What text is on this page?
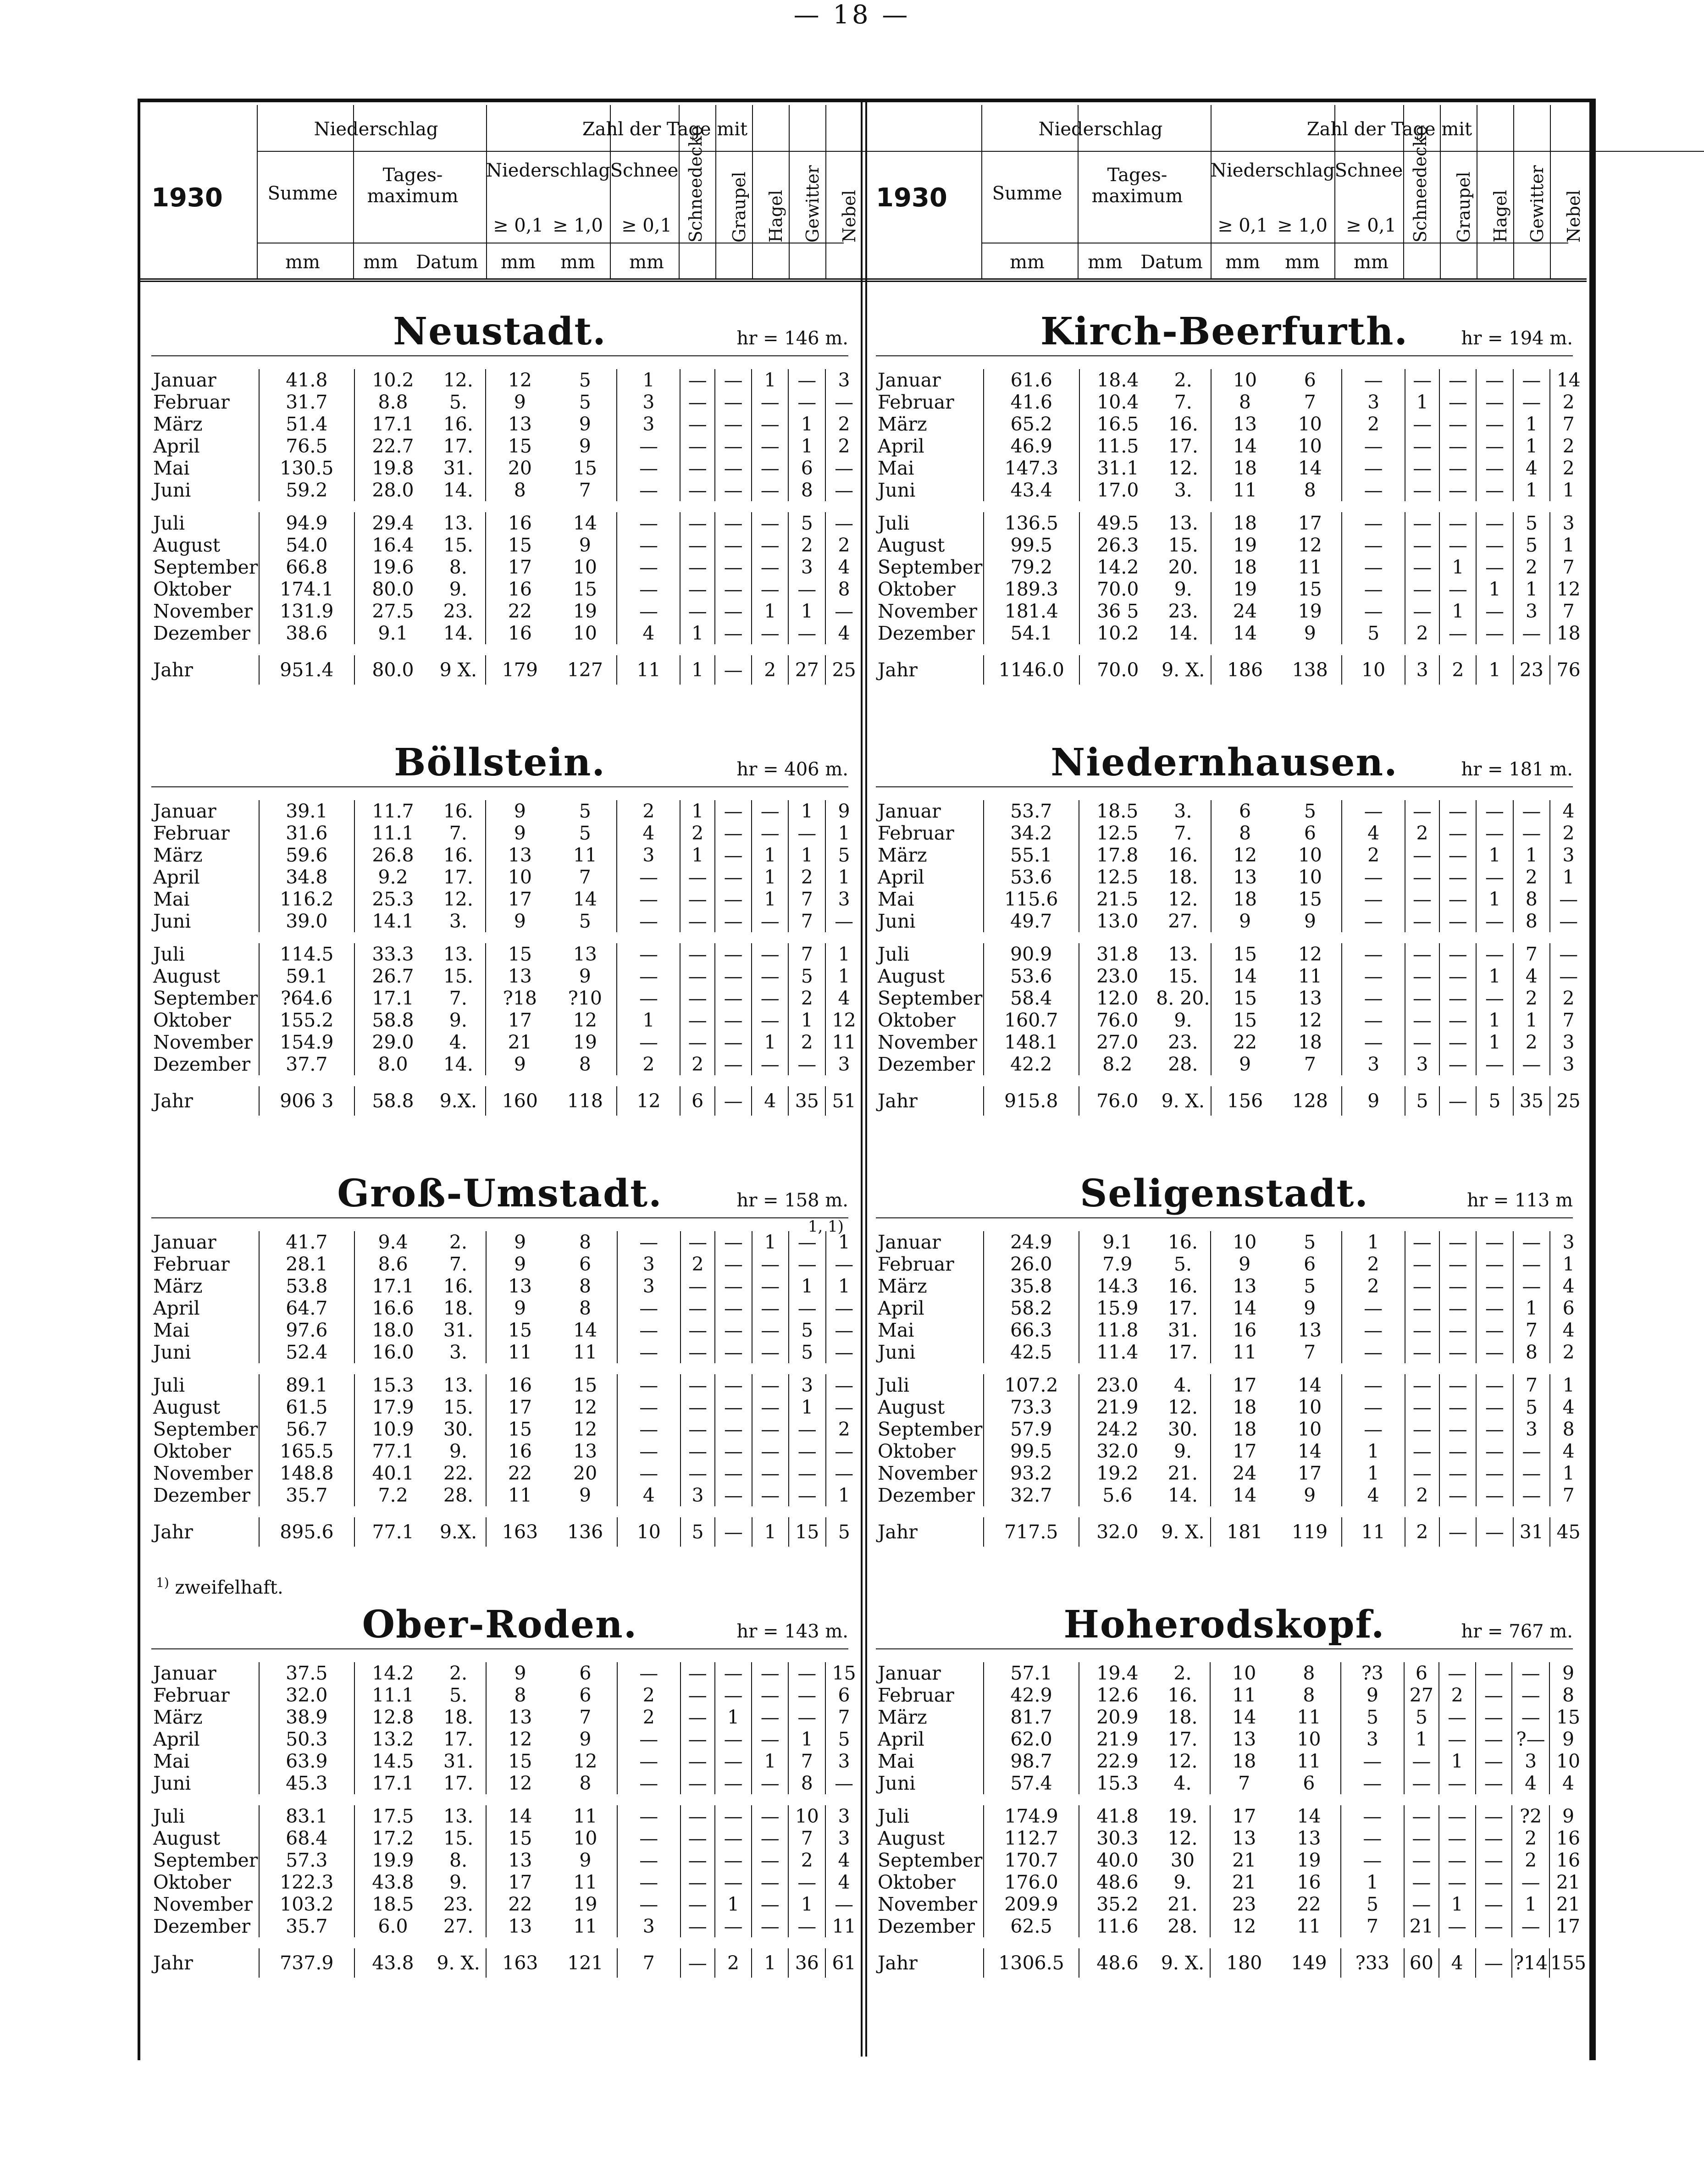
— 18 —
1930
Niederschlag	Zahl der Tage mit
Summe
Tages-maximum
Niederschlag Schnee
≥ 0,1 ≥ 1,0	≥ 0,1
mm	mm Datum	mm	mm	mm
Schneedecke Graupel Hagel Gewitter Nebel
Neustadt.	hr = 146 m.
Januar	41.8	10.2	12.	12	5	1	—	—	1	—	3
Februar	31.7	8.8	5.	9	5	3	—	—	—	—	—
März	51.4	17.1	16.	13	9	3	—	—	—	1	2
April	76.5	22.7	17.	15	9	—	—	—	—	1	2
Mai	130.5	19.8	31.	20	15	—	—	—	—	6	—
Juni	59.2	28.0	14.	8	7	—	—	—	—	8	—

Juli	94.9	29.4	13.	16	14	—	—	—	—	5	—
August	54.0	16.4	15.	15	9	—	—	—	—	2	2
September	66.8	19.6	8.	17	10	—	—	—	—	3	4
Oktober	174.1	80.0	9.	16	15	—	—	—	—	—	8
November	131.9	27.5	23.	22	19	—	—	—	1	1	—
Dezember	38.6	9.1	14.	16	10	4	1	—	—	—	4

Jahr	951.4	80.0	9 X.	179	127	11	1	—	2	27	25
Böllstein.	hr = 406 m.
Januar	39.1	11.7	16.	9	5	2	1	—	—	1	9
Februar	31.6	11.1	7.	9	5	4	2	—	—	—	1
März	59.6	26.8	16.	13	11	3	1	—	1	1	5
April	34.8	9.2	17.	10	7	—	—	—	1	2	1
Mai	116.2	25.3	12.	17	14	—	—	—	1	7	3
Juni	39.0	14.1	3.	9	5	—	—	—	—	7	—

Juli	114.5	33.3	13.	15	13	—	—	—	—	7	1
August	59.1	26.7	15.	13	9	—	—	—	—	5	1
September	?64.6	17.1	7.	?18	?10	—	—	—	—	2	4
Oktober	155.2	58.8	9.	17	12	1	—	—	—	1	12
November	154.9	29.0	4.	21	19	—	—	—	1	2	11
Dezember	37.7	8.0	14.	9	8	2	2	—	—	—	3

Jahr	906 3	58.8	9.X.	160	118	12	6	—	4	35	51
Groß-Umstadt.	hr = 158 m.
Januar	41.7	9.4	2.	9	8	—	—	—	1	—	1
Februar	28.1	8.6	7.	9	6	3	2	—	—	—	—
März	53.8	17.1	16.	13	8	3	—	—	—	1	1
April	64.7	16.6	18.	9	8	—	—	—	—	—	—
Mai	97.6	18.0	31.	15	14	—	—	—	—	5	—
Juni	52.4	16.0	3.	11	11	—	—	—	—	5	—

Juli	89.1	15.3	13.	16	15	—	—	—	—	3	—
August	61.5	17.9	15.	17	12	—	—	—	—	1	—
September	56.7	10.9	30.	15	12	—	—	—	—	—	2
Oktober	165.5	77.1	9.	16	13	—	—	—	—	—	—
November	148.8	40.1	22.	22	20	—	—	—	—	—	—
Dezember	35.7	7.2	28.	11	9	4	3	—	—	—	1

Jahr	895.6	77.1	9.X.	163	136	10	5	—	1	15	5
$^{1)}$ zweifelhaft.
1, 1)
Ober-Roden.	hr = 143 m.
Januar	37.5	14.2	2.	9	6	—	—	—	—	—	15
Februar	32.0	11.1	5.	8	6	2	—	—	—	—	6
März	38.9	12.8	18.	13	7	2	—	1	—	—	7
April	50.3	13.2	17.	12	9	—	—	—	—	1	5
Mai	63.9	14.5	31.	15	12	—	—	—	1	7	3
Juni	45.3	17.1	17.	12	8	—	—	—	—	8	—

Juli	83.1	17.5	13.	14	11	—	—	—	—	10	3
August	68.4	17.2	15.	15	10	—	—	—	—	7	3
September	57.3	19.9	8.	13	9	—	—	—	—	2	4
Oktober	122.3	43.8	9.	17	11	—	—	—	—	—	4
November	103.2	18.5	23.	22	19	—	—	1	—	1	—
Dezember	35.7	6.0	27.	13	11	3	—	—	—	—	11

Jahr	737.9	43.8	9. X.	163	121	7	—	2	1	36	61
1930
Niederschlag	Zahl der Tage mit
Summe
Tages-maximum
Niederschlag Schnee
≥ 0,1 ≥ 1,0	≥ 0,1
mm	mm Datum	mm	mm	mm
Schneedecke Graupel Hagel Gewitter Nebel
Kirch-Beerfurth.	hr = 194 m.
Januar	61.6	18.4	2.	10	6	—	—	—	—	—	14
Februar	41.6	10.4	7.	8	7	3	1	—	—	—	2
März	65.2	16.5	16.	13	10	2	—	—	—	1	7
April	46.9	11.5	17.	14	10	—	—	—	—	1	2
Mai	147.3	31.1	12.	18	14	—	—	—	—	4	2
Juni	43.4	17.0	3.	11	8	—	—	—	—	1	1

Juli	136.5	49.5	13.	18	17	—	—	—	—	5	3
August	99.5	26.3	15.	19	12	—	—	—	—	5	1
September	79.2	14.2	20.	18	11	—	—	1	—	2	7
Oktober	189.3	70.0	9.	19	15	—	—	—	1	1	12
November	181.4	36 5	23.	24	19	—	—	1	—	3	7
Dezember	54.1	10.2	14.	14	9	5	2	—	—	—	18

Jahr	1146.0	70.0	9. X.	186	138	10	3	2	1	23	76
Niedernhausen.	hr = 181 m.
Januar	53.7	18.5	3.	6	5	—	—	—	—	—	4
Februar	34.2	12.5	7.	8	6	4	2	—	—	—	2
März	55.1	17.8	16.	12	10	2	—	—	1	1	3
April	53.6	12.5	18.	13	10	—	—	—	—	2	1
Mai	115.6	21.5	12.	18	15	—	—	—	1	8	—
Juni	49.7	13.0	27.	9	9	—	—	—	—	8	—

Juli	90.9	31.8	13.	15	12	—	—	—	—	7	—
August	53.6	23.0	15.	14	11	—	—	—	1	4	—
September	58.4	12.0	8. 20.	15	13	—	—	—	—	2	2
Oktober	160.7	76.0	9.	15	12	—	—	—	1	1	7
November	148.1	27.0	23.	22	18	—	—	—	1	2	3
Dezember	42.2	8.2	28.	9	7	3	3	—	—	—	3

Jahr	915.8	76.0	9. X.	156	128	9	5	—	5	35	25
Seligenstadt.	hr = 113 m
Januar	24.9	9.1	16.	10	5	1	—	—	—	—	3
Februar	26.0	7.9	5.	9	6	2	—	—	—	—	1
März	35.8	14.3	16.	13	5	2	—	—	—	—	4
April	58.2	15.9	17.	14	9	—	—	—	—	1	6
Mai	66.3	11.8	31.	16	13	—	—	—	—	7	4
Juni	42.5	11.4	17.	11	7	—	—	—	—	8	2

Juli	107.2	23.0	4.	17	14	—	—	—	—	7	1
August	73.3	21.9	12.	18	10	—	—	—	—	5	4
September	57.9	24.2	30.	18	10	—	—	—	—	3	8
Oktober	99.5	32.0	9.	17	14	1	—	—	—	—	4
November	93.2	19.2	21.	24	17	1	—	—	—	—	1
Dezember	32.7	5.6	14.	14	9	4	2	—	—	—	7

Jahr	717.5	32.0	9. X.	181	119	11	2	—	—	31	45
Hoherodskopf.	hr = 767 m.
Januar	57.1	19.4	2.	10	8	?3	6	—	—	—	9
Februar	42.9	12.6	16.	11	8	9	27	2	—	—	8
März	81.7	20.9	18.	14	11	5	5	—	—	—	15
April	62.0	21.9	17.	13	10	3	1	—	—	?—	9
Mai	98.7	22.9	12.	18	11	—	—	1	—	3	10
Juni	57.4	15.3	4.	7	6	—	—	—	—	4	4

Juli	174.9	41.8	19.	17	14	—	—	—	—	?2	9
August	112.7	30.3	12.	13	13	—	—	—	—	2	16
September	170.7	40.0	30	21	19	—	—	—	—	2	16
Oktober	176.0	48.6	9.	21	16	1	—	—	—	—	21
November	209.9	35.2	21.	23	22	5	—	1	—	1	21
Dezember	62.5	11.6	28.	12	11	7	21	—	—	—	17

Jahr	1306.5	48.6	9. X.	180	149	?33	60	4	—	?14	155
